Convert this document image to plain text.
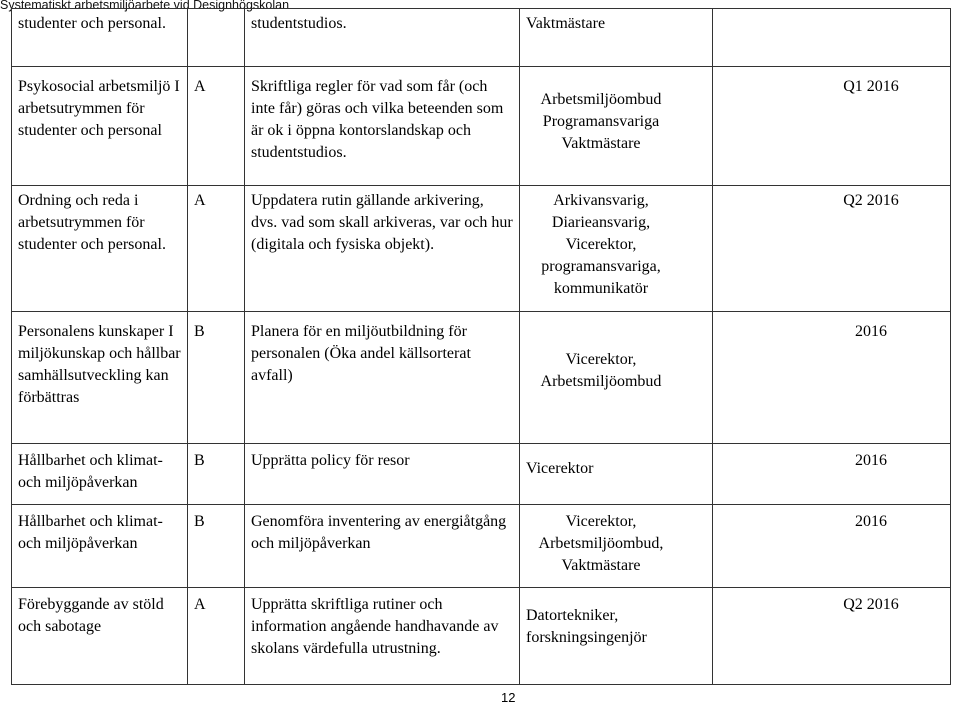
Systematiskt arbetsmiljöarbete vid Designhögskolan
studenter och personal.		studentstudios.	Vaktmästare	

Psykosocial arbetsmiljö I arbetsutrymmen för studenter och personal	A	Skriftliga regler för vad som får (och inte får) göras och vilka beteenden som är ok i öppna kontorslandskap och studentstudios.	Arbetsmiljöombud Programansvariga Vaktmästare	Q1 2016

Ordning och reda i arbetsutrymmen för studenter och personal.	A	Uppdatera rutin gällande arkivering, dvs. vad som skall arkiveras, var och hur (digitala och fysiska objekt).	Arkivansvarig, Diarieansvarig, Vicerektor, programansvariga, kommunikatör	Q2 2016

Personalens kunskaper I miljökunskap och hållbar samhällsutveckling kan förbättras	B	Planera för en miljöutbildning för personalen (Öka andel källsorterat avfall)	Vicerektor, Arbetsmiljöombud	2016

Hållbarhet och klimat- och miljöpåverkan	B	Upprätta policy för resor	Vicerektor	2016

Hållbarhet och klimat- och miljöpåverkan	B	Genomföra inventering av energiåtgång och miljöpåverkan	Vicerektor, Arbetsmiljöombud, Vaktmästare	2016

Förebyggande av stöld och sabotage	A	Upprätta skriftliga rutiner och information angående handhavande av skolans värdefulla utrustning.	Datortekniker, forskningsingenjör	Q2 2016
12
